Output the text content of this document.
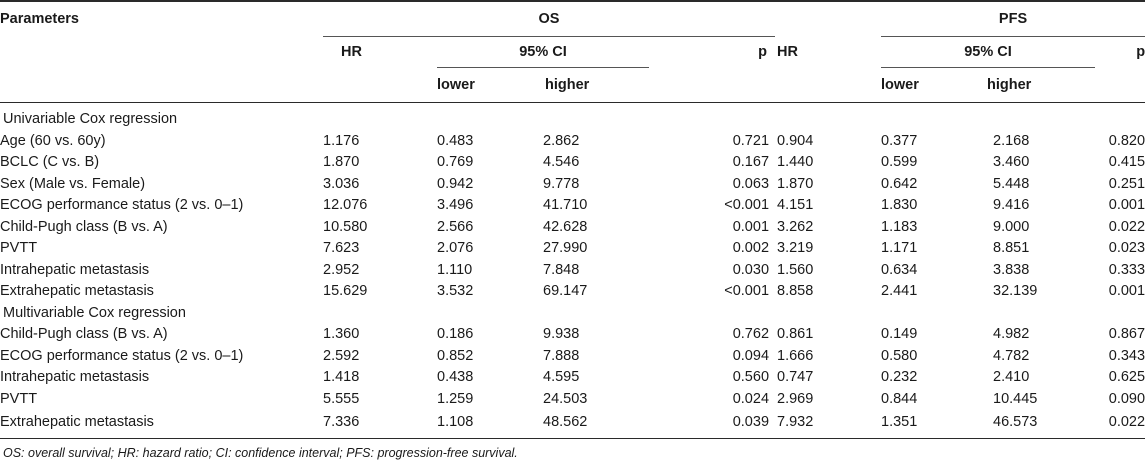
Parameters	OS					PFS		
	HR	95% CI		p	HR	95% CI		p
		lower	higher			lower	higher	
Univariable Cox regression								
Age (60 vs. 60y)	1.176	0.483	2.862	0.721	0.904	0.377	2.168	0.820
BCLC (C vs. B)	1.870	0.769	4.546	0.167	1.440	0.599	3.460	0.415
Sex (Male vs. Female)	3.036	0.942	9.778	0.063	1.870	0.642	5.448	0.251
ECOG performance status (2 vs. 0–1)	12.076	3.496	41.710	<0.001	4.151	1.830	9.416	0.001
Child-Pugh class (B vs. A)	10.580	2.566	42.628	0.001	3.262	1.183	9.000	0.022
PVTT	7.623	2.076	27.990	0.002	3.219	1.171	8.851	0.023
Intrahepatic metastasis	2.952	1.110	7.848	0.030	1.560	0.634	3.838	0.333
Extrahepatic metastasis	15.629	3.532	69.147	<0.001	8.858	2.441	32.139	0.001
Multivariable Cox regression								
Child-Pugh class (B vs. A)	1.360	0.186	9.938	0.762	0.861	0.149	4.982	0.867
ECOG performance status (2 vs. 0–1)	2.592	0.852	7.888	0.094	1.666	0.580	4.782	0.343
Intrahepatic metastasis	1.418	0.438	4.595	0.560	0.747	0.232	2.410	0.625
PVTT	5.555	1.259	24.503	0.024	2.969	0.844	10.445	0.090
Extrahepatic metastasis	7.336	1.108	48.562	0.039	7.932	1.351	46.573	0.022
OS: overall survival; HR: hazard ratio; CI: confidence interval; PFS: progression-free survival.
